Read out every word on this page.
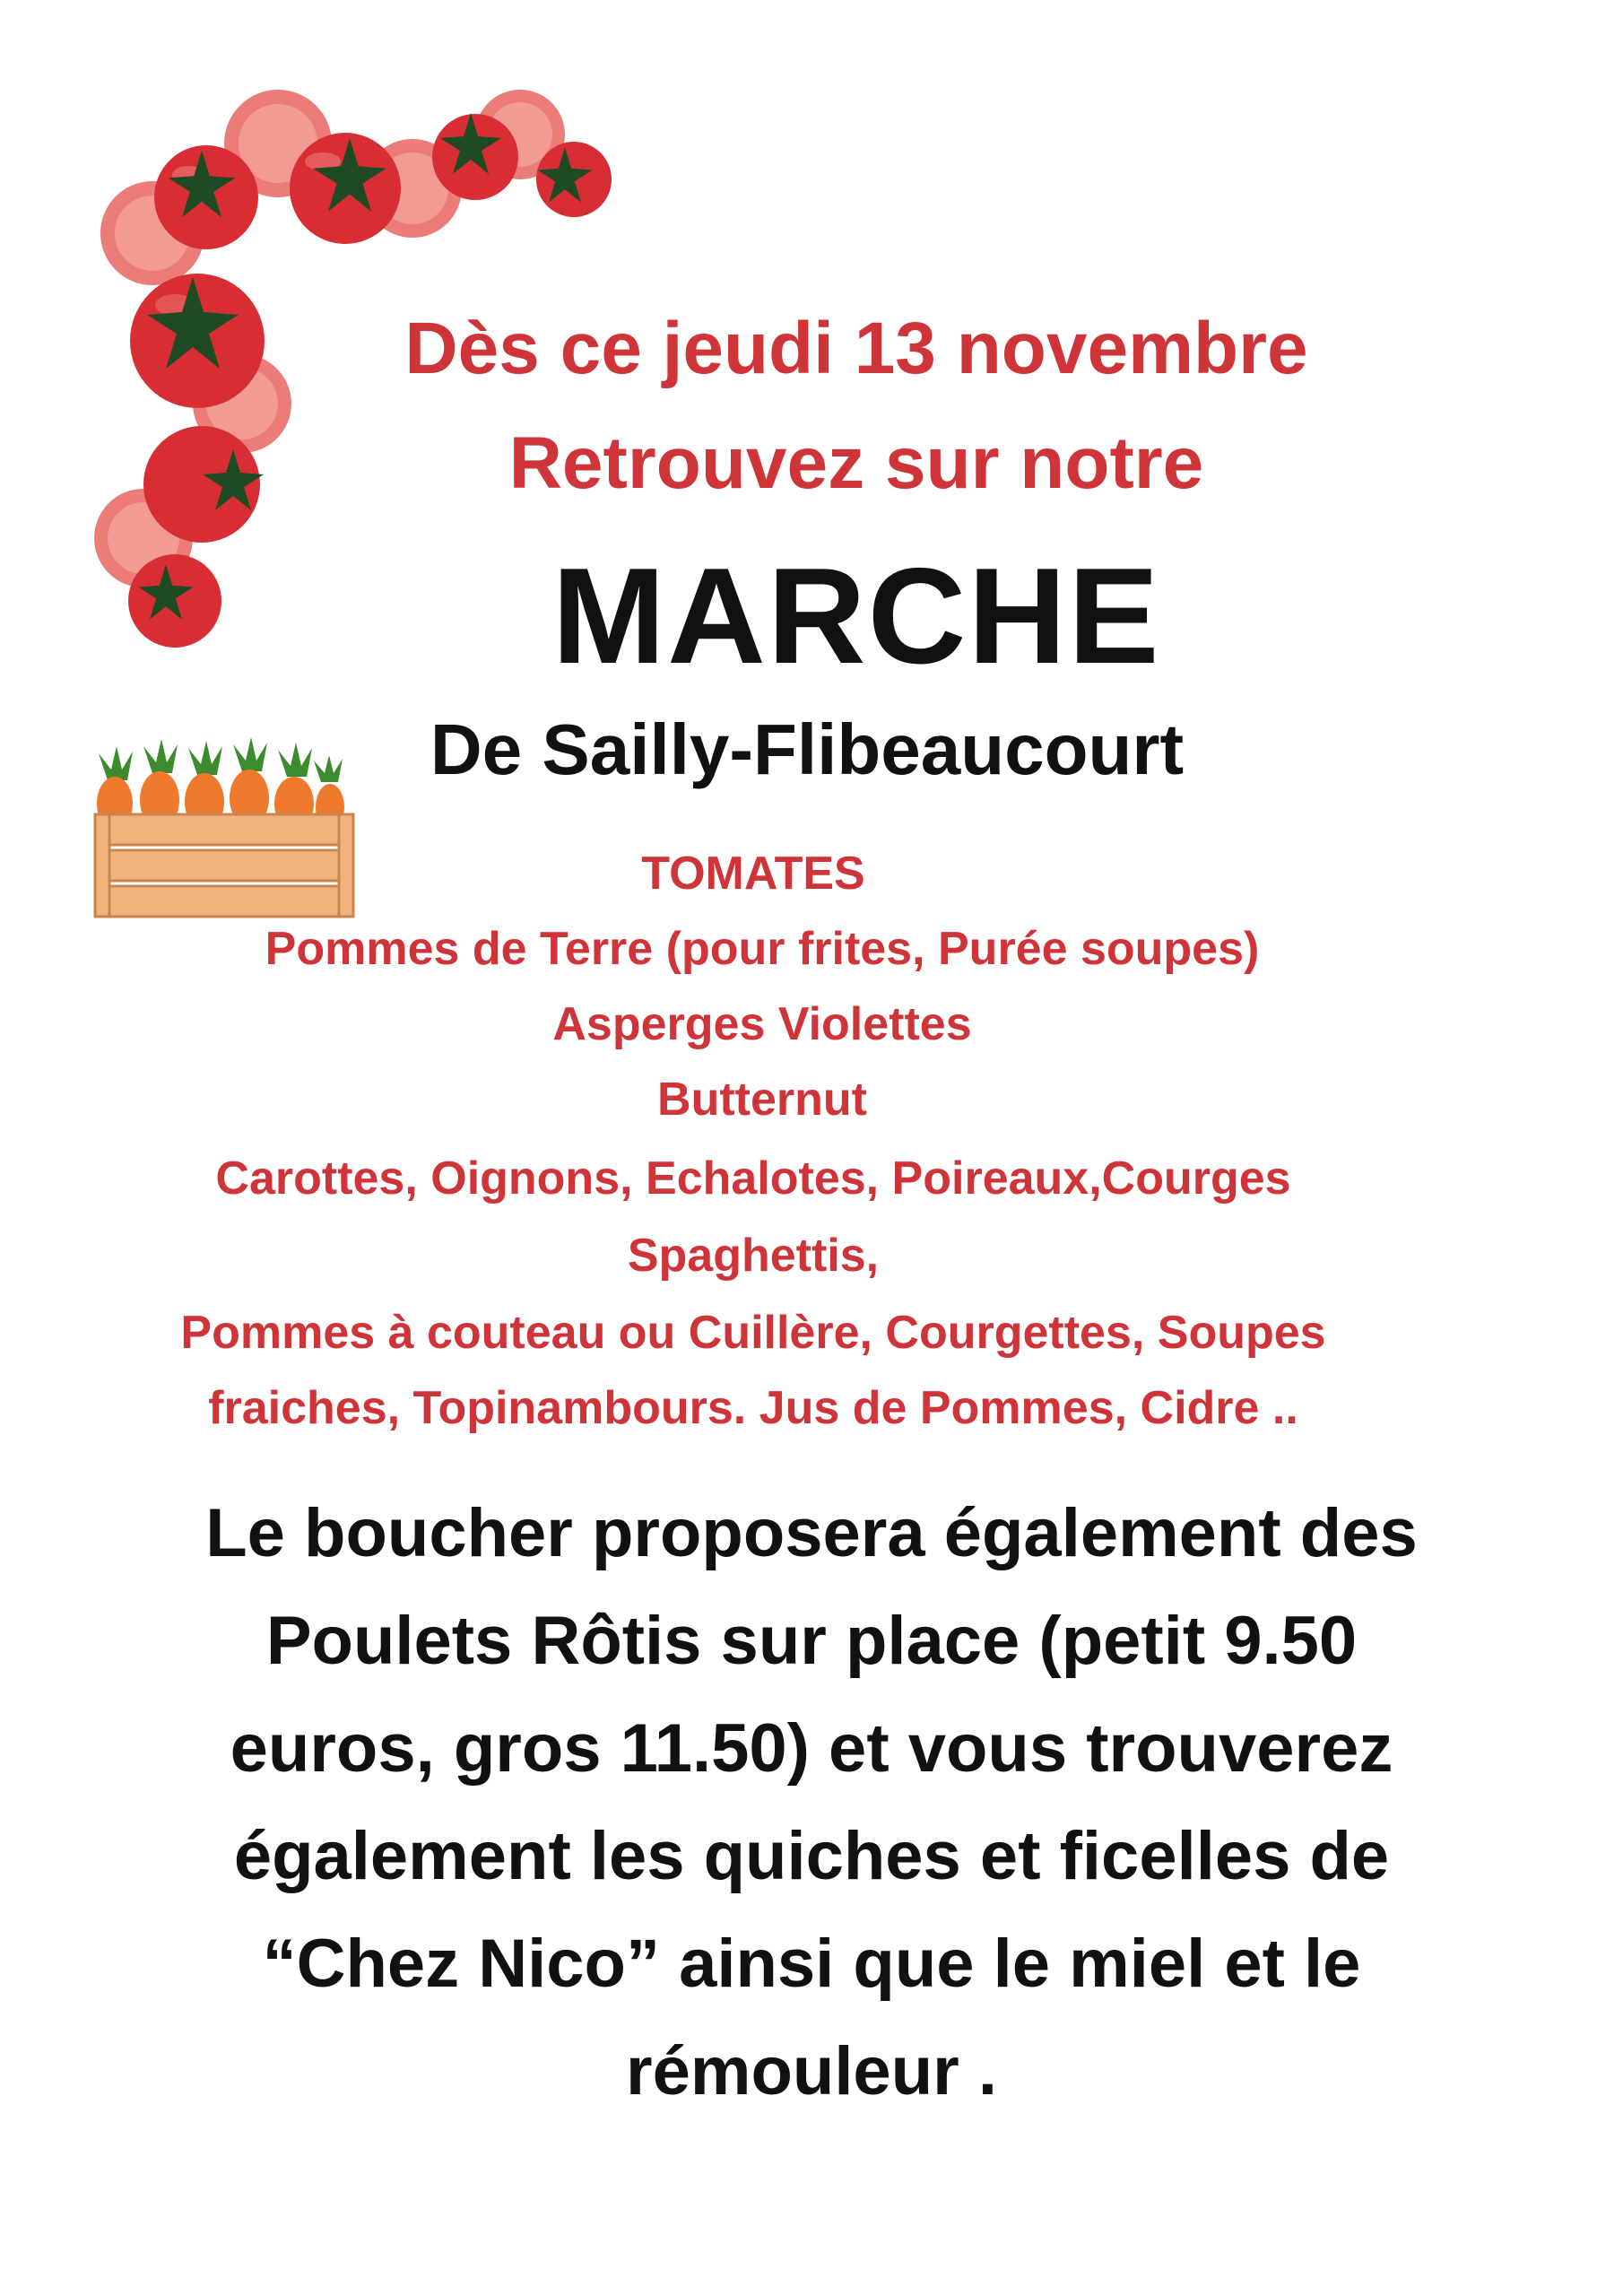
Dès ce jeudi 13 novembre
Retrouvez sur notre
MARCHE
De Sailly-Flibeaucourt
TOMATES
Pommes de Terre (pour frites, Purée soupes)
Asperges Violettes
Butternut
Carottes, Oignons, Echalotes, Poireaux,Courges
Spaghettis,
Pommes à couteau ou Cuillère, Courgettes, Soupes
fraiches, Topinambours. Jus de Pommes, Cidre ..
Le boucher proposera également des
Poulets Rôtis sur place (petit 9.50
euros, gros 11.50) et vous trouverez
également les quiches et ficelles de
“Chez Nico” ainsi que le miel et le
rémouleur .
